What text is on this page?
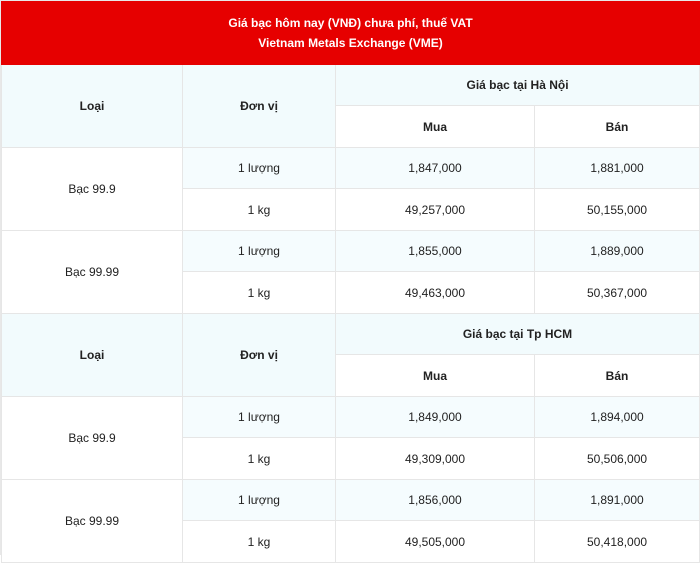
Giá bạc hôm nay (VNĐ) chưa phí, thuế VAT
Vietnam Metals Exchange (VME)			

Loại	Đơn vị	Giá bạc tại Hà Nội	
		Mua	Bán
Bạc 99.9	1 lượng	1,847,000	1,881,000
	1 kg	49,257,000	50,155,000
Bạc 99.99	1 lượng	1,855,000	1,889,000
	1 kg	49,463,000	50,367,000
Loại	Đơn vị	Giá bạc tại Tp HCM	
		Mua	Bán
Bạc 99.9	1 lượng	1,849,000	1,894,000
	1 kg	49,309,000	50,506,000
Bạc 99.99	1 lượng	1,856,000	1,891,000
	1 kg	49,505,000	50,418,000
